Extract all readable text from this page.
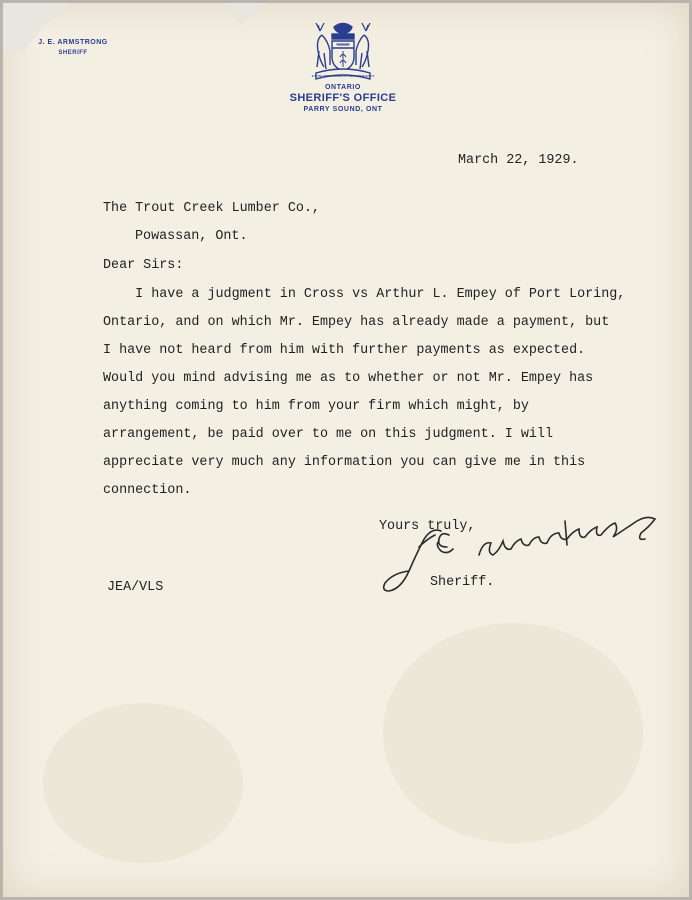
J. E. ARMSTRONG
SHERIFF
UT INCEPIT FIDELIS SIC PERMANET
ONTARIO
SHERIFF'S OFFICE
PARRY SOUND, ONT
March 22, 1929.
The Trout Creek Lumber Co.,
Powassan, Ont.
Dear Sirs:
I have a judgment in Cross vs Arthur L. Empey of Port Loring,
Ontario, and on which Mr. Empey has already made a payment, but
I have not heard from him with further payments as expected.
Would you mind advising me as to whether or not Mr. Empey has
anything coming to him from your firm which might, by
arrangement, be paid over to me on this judgment. I will
appreciate very much any information you can give me in this
connection.
Yours truly,
Sheriff.
JEA/VLS
